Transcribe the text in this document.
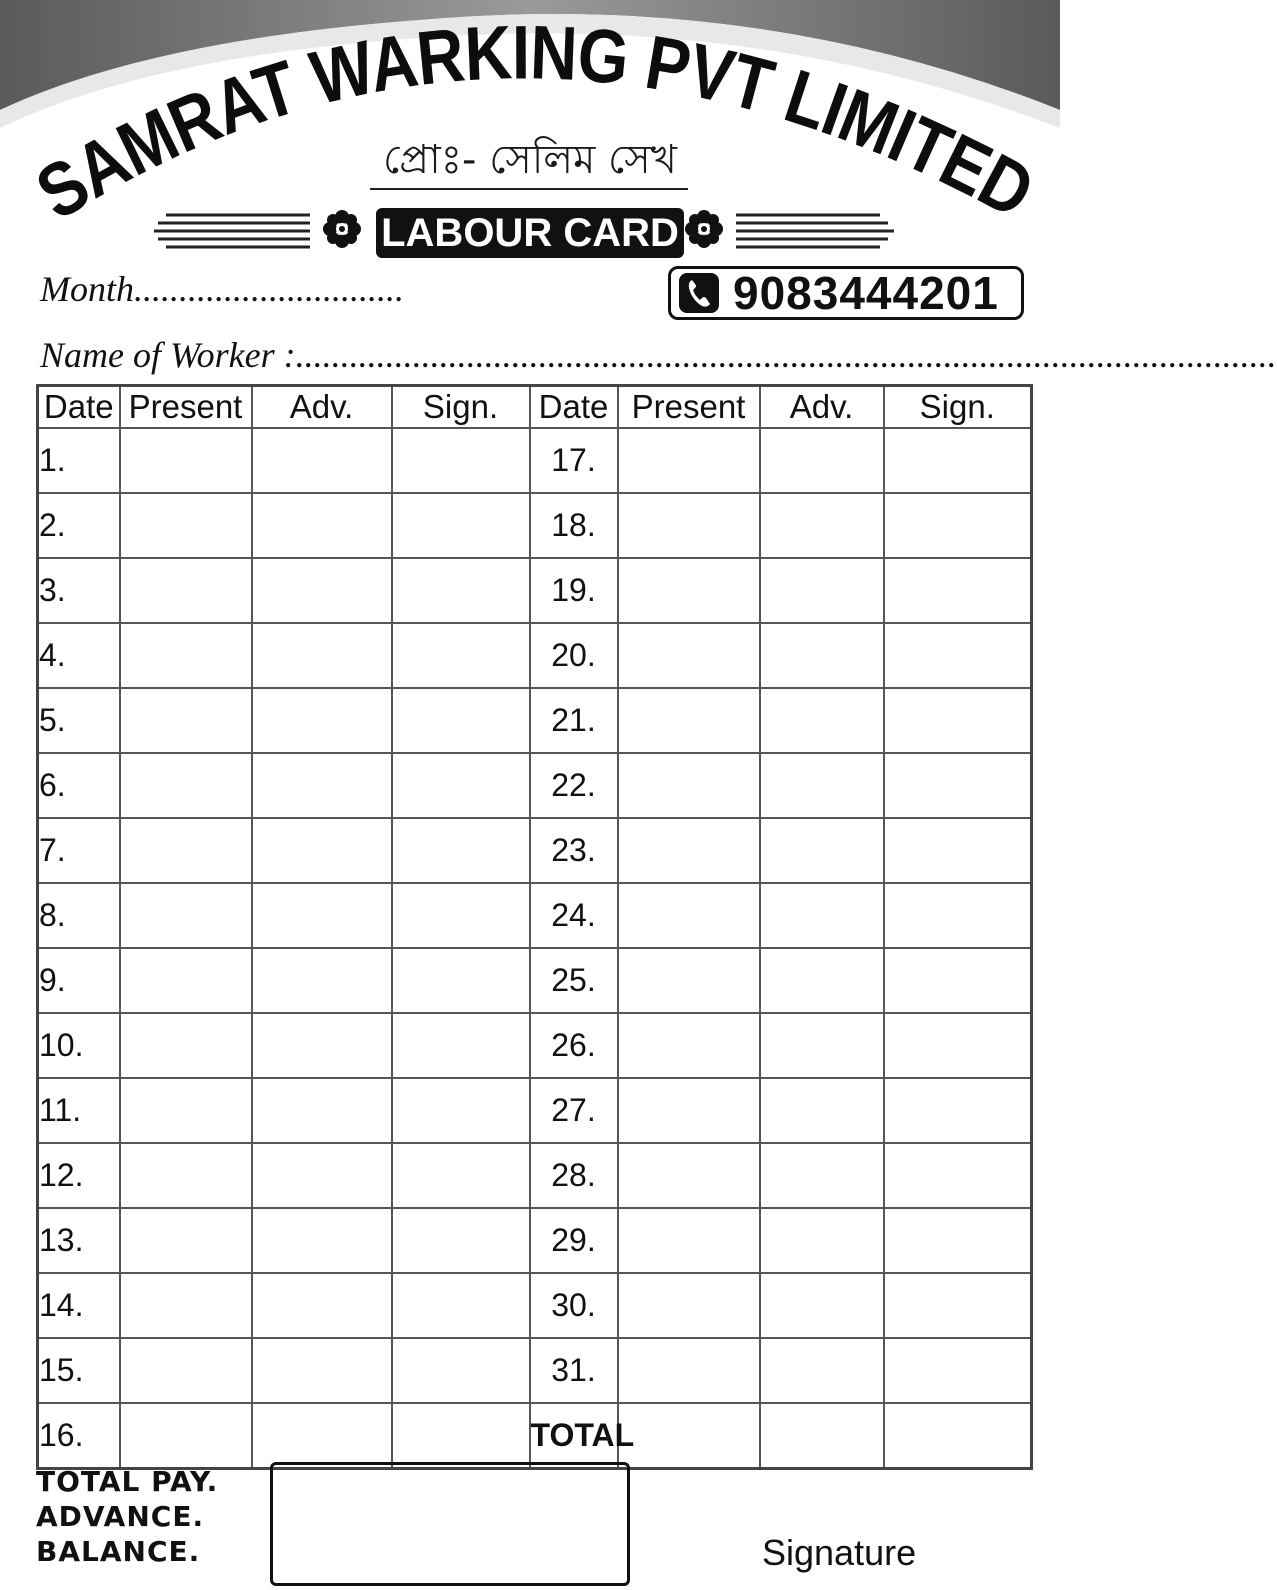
SAMRAT WARKING PVT LIMITED
প্রোঃ- সেলিম সেখ
LABOUR CARD
Month..............................	9083444201
Name of Worker :.............................................................................................................
Date	Present	Adv.	Sign.	Date	Present	Adv.	Sign.
1.				17.			
2.				18.			
3.				19.			
4.				20.			
5.				21.			
6.				22.			
7.				23.			
8.				24.			
9.				25.			
10.				26.			
11.				27.			
12.				28.			
13.				29.			
14.				30.			
15.				31.			
16.				TOTAL			
TOTAL PAY.
ADVANCE.
BALANCE.	Signature
